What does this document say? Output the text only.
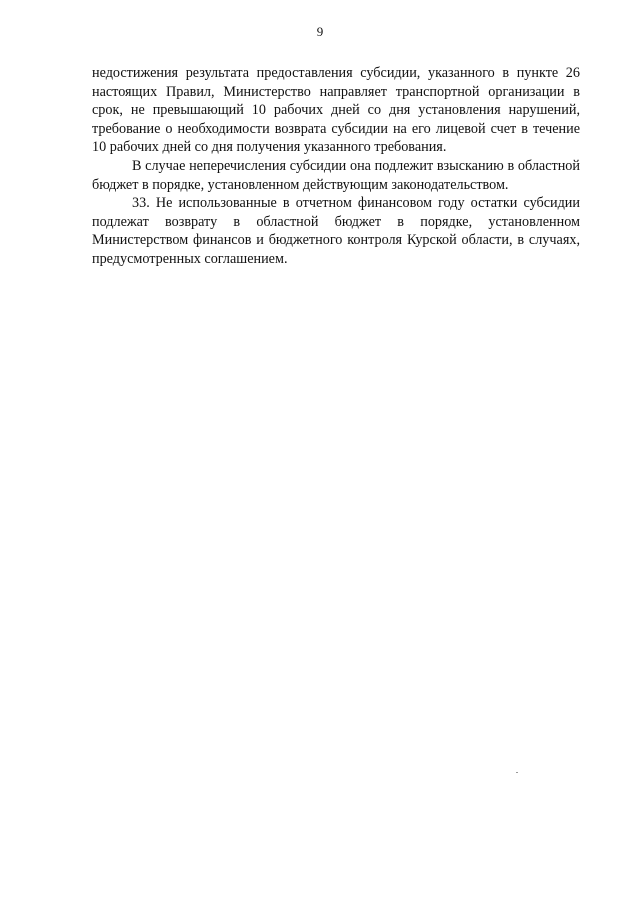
9

недостижения результата предоставления субсидии, указанного в пункте 26 настоящих Правил, Министерство направляет транспортной организации в срок, не превышающий 10 рабочих дней со дня установления нарушений, требование о необходимости возврата субсидии на его лицевой счет в течение 10 рабочих дней со дня получения указанного требования.

В случае неперечисления субсидии она подлежит взысканию в областной бюджет в порядке, установленном действующим законодательством.

33. Не использованные в отчетном финансовом году остатки субсидии подлежат возврату в областной бюджет в порядке, установленном Министерством финансов и бюджетного контроля Курской области, в случаях, предусмотренных соглашением.
